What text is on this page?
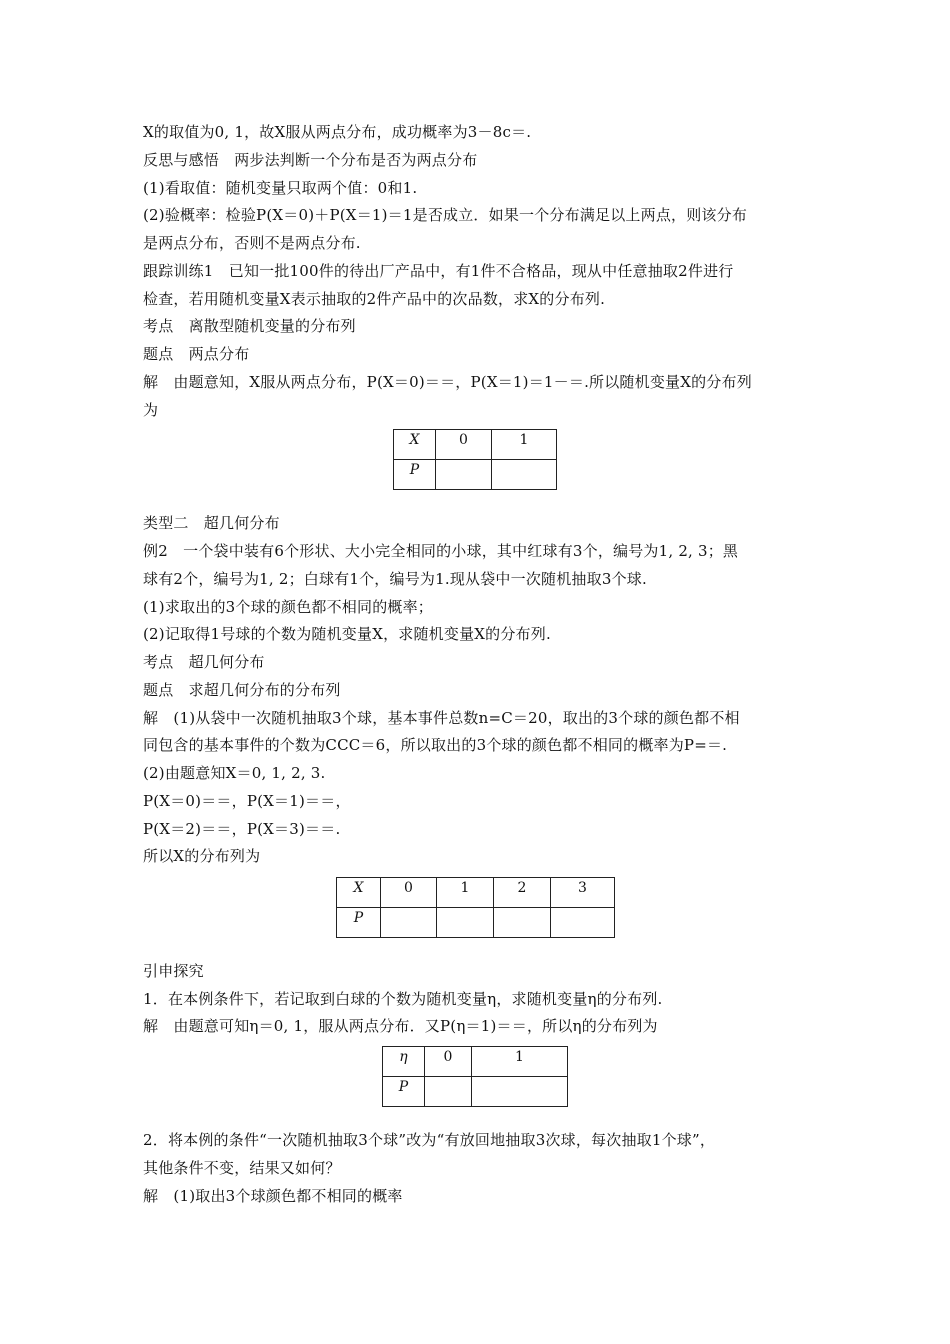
X的取值为0, 1，故X服从两点分布，成功概率为3－8c＝.
反思与感悟　两步法判断一个分布是否为两点分布
(1)看取值：随机变量只取两个值：0和1.
(2)验概率：检验P(X＝0)＋P(X＝1)＝1是否成立．如果一个分布满足以上两点，则该分布
是两点分布，否则不是两点分布.
跟踪训练1　已知一批100件的待出厂产品中，有1件不合格品，现从中任意抽取2件进行
检查，若用随机变量X表示抽取的2件产品中的次品数，求X的分布列.
考点　离散型随机变量的分布列
题点　两点分布
解　由题意知，X服从两点分布，P(X＝0)＝＝，P(X＝1)＝1－＝.所以随机变量X的分布列
为
X	0	1
P		
类型二　超几何分布
例2　一个袋中装有6个形状、大小完全相同的小球，其中红球有3个，编号为1, 2, 3；黑
球有2个，编号为1, 2；白球有1个，编号为1.现从袋中一次随机抽取3个球.
(1)求取出的3个球的颜色都不相同的概率；
(2)记取得1号球的个数为随机变量X，求随机变量X的分布列.
考点　超几何分布
题点　求超几何分布的分布列
解　(1)从袋中一次随机抽取3个球，基本事件总数n=C＝20，取出的3个球的颜色都不相
同包含的基本事件的个数为CCC＝6，所以取出的3个球的颜色都不相同的概率为P=＝.
(2)由题意知X＝0, 1, 2, 3.
P(X＝0)＝＝，P(X＝1)＝＝，
P(X＝2)＝＝，P(X＝3)＝＝.
所以X的分布列为
X	0	1	2	3
P				
引申探究
1．在本例条件下，若记取到白球的个数为随机变量η，求随机变量η的分布列.
解　由题意可知η＝0, 1，服从两点分布．又P(η＝1)＝＝，所以η的分布列为
η	0	1
P		
2．将本例的条件“一次随机抽取3个球”改为“有放回地抽取3次球，每次抽取1个球”，
其他条件不变，结果又如何？
解　(1)取出3个球颜色都不相同的概率
